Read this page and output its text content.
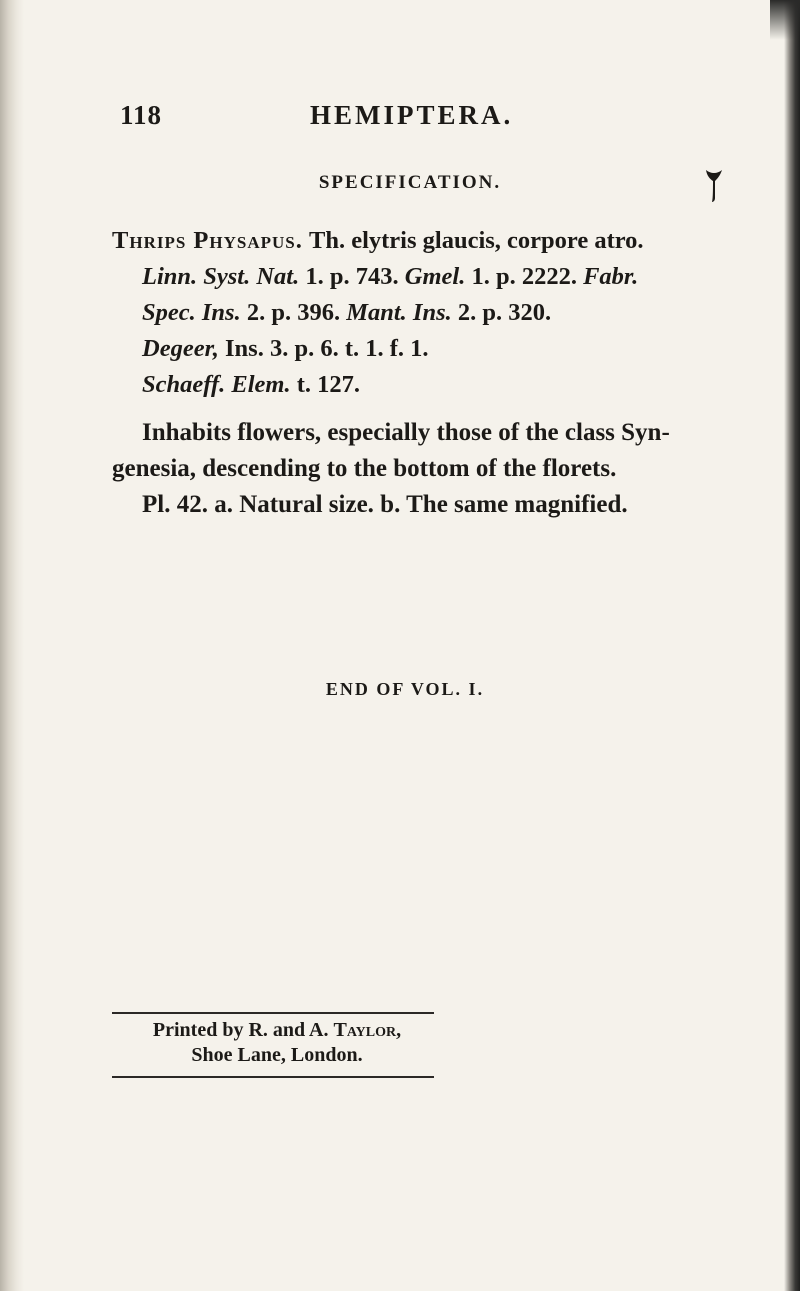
118	HEMIPTERA.
SPECIFICATION.
Thrips Physapus. Th. elytris glaucis, corpore atro.
Linn. Syst. Nat. 1. p. 743. Gmel. 1. p. 2222. Fabr.
Spec. Ins. 2. p. 396. Mant. Ins. 2. p. 320.
Degeer, Ins. 3. p. 6. t. 1. f. 1.
Schaeff. Elem. t. 127.
Inhabits flowers, especially those of the class Syn-
genesia, descending to the bottom of the florets.
Pl. 42. a. Natural size. b. The same magnified.
END OF VOL. I.
Printed by R. and A. Taylor,
Shoe Lane, London.
